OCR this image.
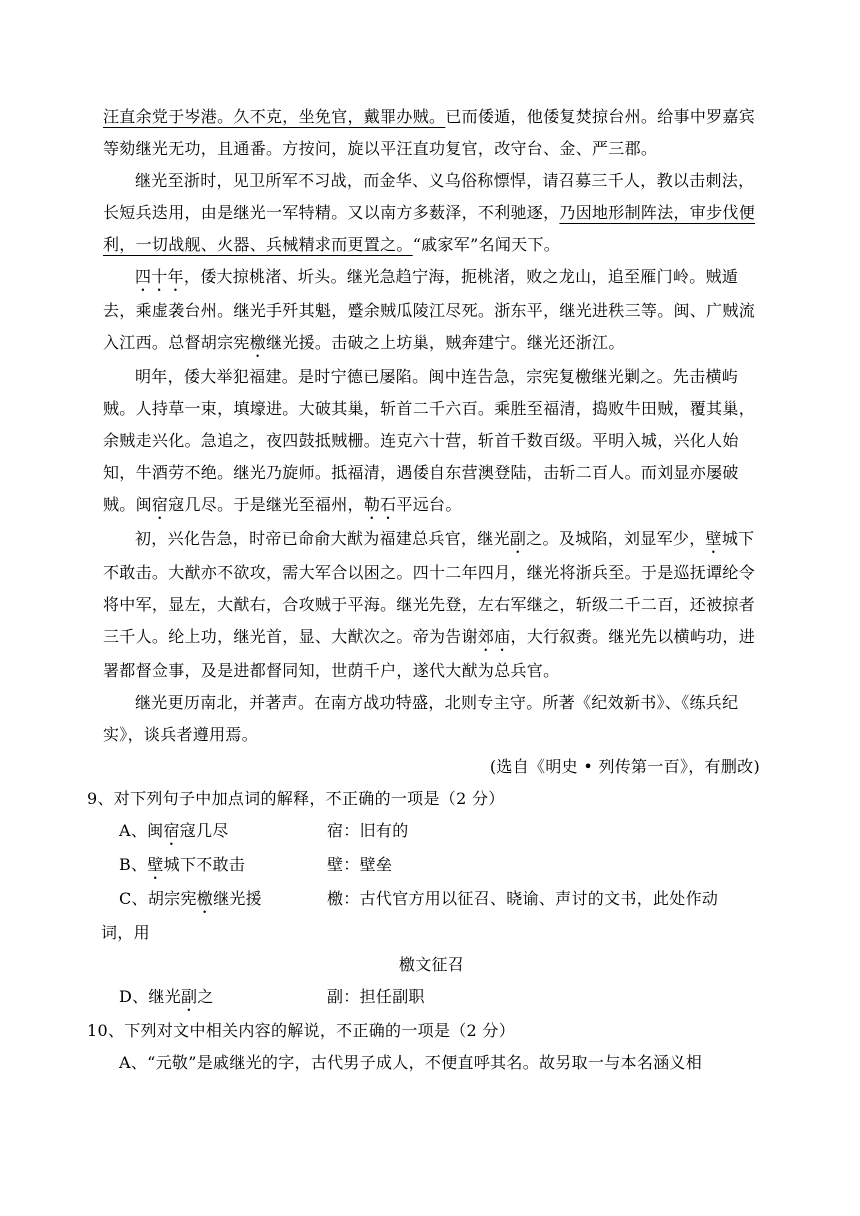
汪直余党于岑港。久不克，坐免官，戴罪办贼。已而倭遁，他倭复焚掠台州。给事中罗嘉宾等劾继光无功，且通番。方按问，旋以平汪直功复官，改守台、金、严三郡。

继光至浙时，见卫所军不习战，而金华、义乌俗称慓悍，请召募三千人，教以击刺法，长短兵迭用，由是继光一军特精。又以南方多薮泽，不利驰逐，乃因地形制阵法，审步伐便利，一切战舰、火器、兵械精求而更置之。“戚家军”名闻天下。

四十年，倭大掠桃渚、圻头。继光急趋宁海，扼桃渚，败之龙山，追至雁门岭。贼遁去，乘虚袭台州。继光手歼其魁，蹙余贼瓜陵江尽死。浙东平，继光进秩三等。闽、广贼流入江西。总督胡宗宪檄继光援。击破之上坊巢，贼奔建宁。继光还浙江。

明年，倭大举犯福建。是时宁德已屡陷。闽中连告急，宗宪复檄继光剿之。先击横屿贼。人持草一束，填壕进。大破其巢，斩首二千六百。乘胜至福清，捣败牛田贼，覆其巢，余贼走兴化。急追之，夜四鼓抵贼栅。连克六十营，斩首千数百级。平明入城，兴化人始知，牛酒劳不绝。继光乃旋师。抵福清，遇倭自东营澳登陆，击斩二百人。而刘显亦屡破贼。闽宿寇几尽。于是继光至福州，勒石平远台。

初，兴化告急，时帝已命俞大猷为福建总兵官，继光副之。及城陷，刘显军少，壁城下不敢击。大猷亦不欲攻，需大军合以困之。四十二年四月，继光将浙兵至。于是巡抚谭纶令将中军，显左，大猷右，合攻贼于平海。继光先登，左右军继之，斩级二千二百，还被掠者三千人。纶上功，继光首，显、大猷次之。帝为告谢郊庙，大行叙赉。继光先以横屿功，进署都督佥事，及是进都督同知，世荫千户，遂代大猷为总兵官。

继光更历南北，并著声。在南方战功特盛，北则专主守。所著《纪效新书》、《练兵纪实》，谈兵者遵用焉。

(选自《明史 • 列传第一百》，有删改)

9、对下列句子中加点词的解释，不正确的一项是（2 分）

A、闽宿寇几尽	宿：旧有的
B、壁城下不敢击	壁：壁垒
C、胡宗宪檄继光援	檄：古代官方用以征召、晓谕、声讨的文书，此处作动

词，用

檄文征召

D、继光副之	副：担任副职

10、下列对文中相关内容的解说，不正确的一项是（2 分）

A、“元敬”是戚继光的字，古代男子成人，不便直呼其名。故另取一与本名涵义相
